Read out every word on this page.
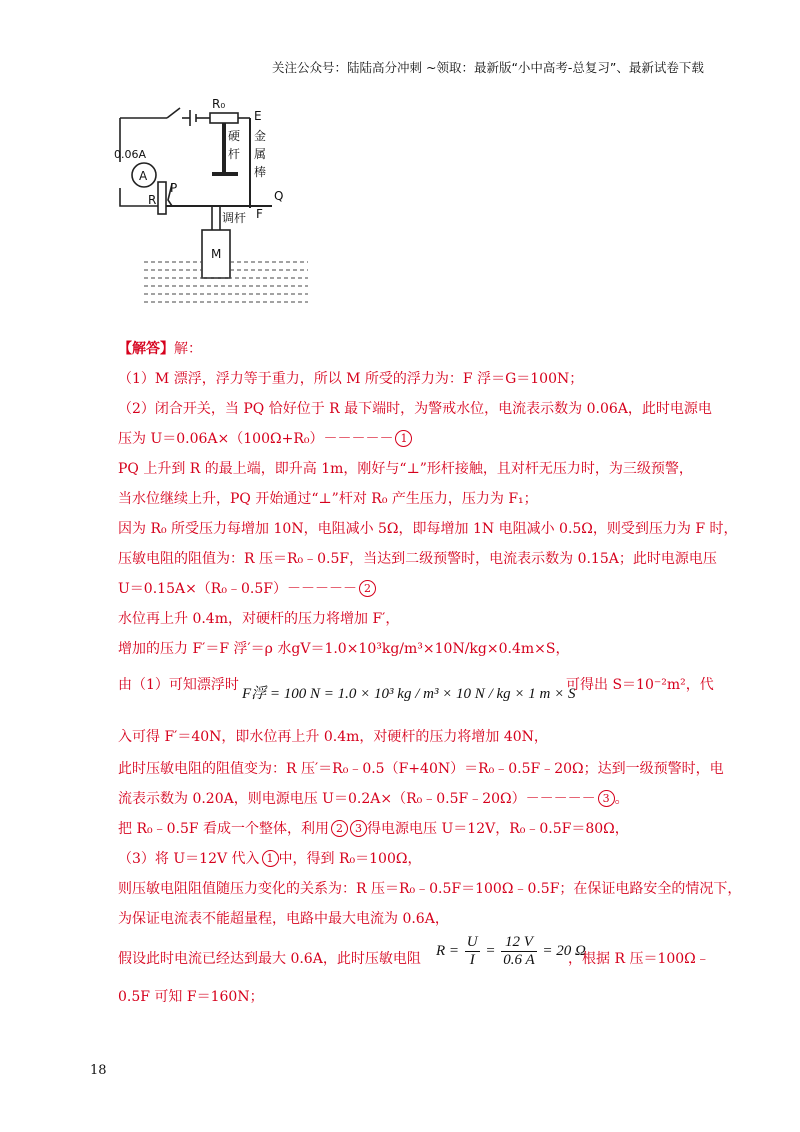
关注公众号：陆陆高分冲刺 ~领取：最新版“小中高考-总复习”、最新试卷下载
R₀
E
硬
杆
金
属
棒
0.06A
A
P
R	Q
调杆 F
M
【解答】解：
（1）M 漂浮，浮力等于重力，所以 M 所受的浮力为：F 浮＝G＝100N；
（2）闭合开关，当 PQ 恰好位于 R 最下端时，为警戒水位，电流表示数为 0.06A，此时电源电
压为 U＝0.06A×（100Ω+R₀）－－－－－ 1
PQ 上升到 R 的最上端，即升高 1m，刚好与“⊥”形杆接触，且对杆无压力时，为三级预警，
当水位继续上升，PQ 开始通过“⊥”杆对 R₀ 产生压力，压力为 F₁；
因为 R₀ 所受压力每增加 10N，电阻减小 5Ω，即每增加 1N 电阻减小 0.5Ω，则受到压力为 F 时，
压敏电阻的阻值为：R 压＝R₀﹣0.5F，当达到二级预警时，电流表示数为 0.15A；此时电源电压
U＝0.15A×（R₀﹣0.5F）－－－－－ 2
水位再上升 0.4m，对硬杆的压力将增加 F′，
增加的压力 F′＝F 浮′＝ρ 水gV＝1.0×10³kg/m³×10N/kg×0.4m×S，
由（1）可知漂浮时
F浮 = 100 N = 1.0 × 10³ kg / m³ × 10 N / kg × 1 m × S
可得出 S＝10⁻²m²，代
入可得 F′＝40N，即水位再上升 0.4m，对硬杆的压力将增加 40N，
此时压敏电阻的阻值变为：R 压′＝R₀﹣0.5（F+40N）＝R₀﹣0.5F﹣20Ω；达到一级预警时，电
流表示数为 0.20A，则电源电压 U＝0.2A×（R₀﹣0.5F﹣20Ω）－－－－－ 3 。
把 R₀﹣0.5F 看成一个整体，利用 2 3 得电源电压 U＝12V，R₀﹣0.5F＝80Ω，
（3）将 U＝12V 代入 1 中，得到 R₀＝100Ω，
则压敏电阻阻值随压力变化的关系为：R 压＝R₀﹣0.5F＝100Ω﹣0.5F；在保证电路安全的情况下，
为保证电流表不能超量程，电路中最大电流为 0.6A，
假设此时电流已经达到最大 0.6A，此时压敏电阻
$R = \frac{U}{I} = \frac{12 V}{0.6 A} = 20$ Ω
，根据 R 压＝100Ω﹣
0.5F 可知 F＝160N；
18
